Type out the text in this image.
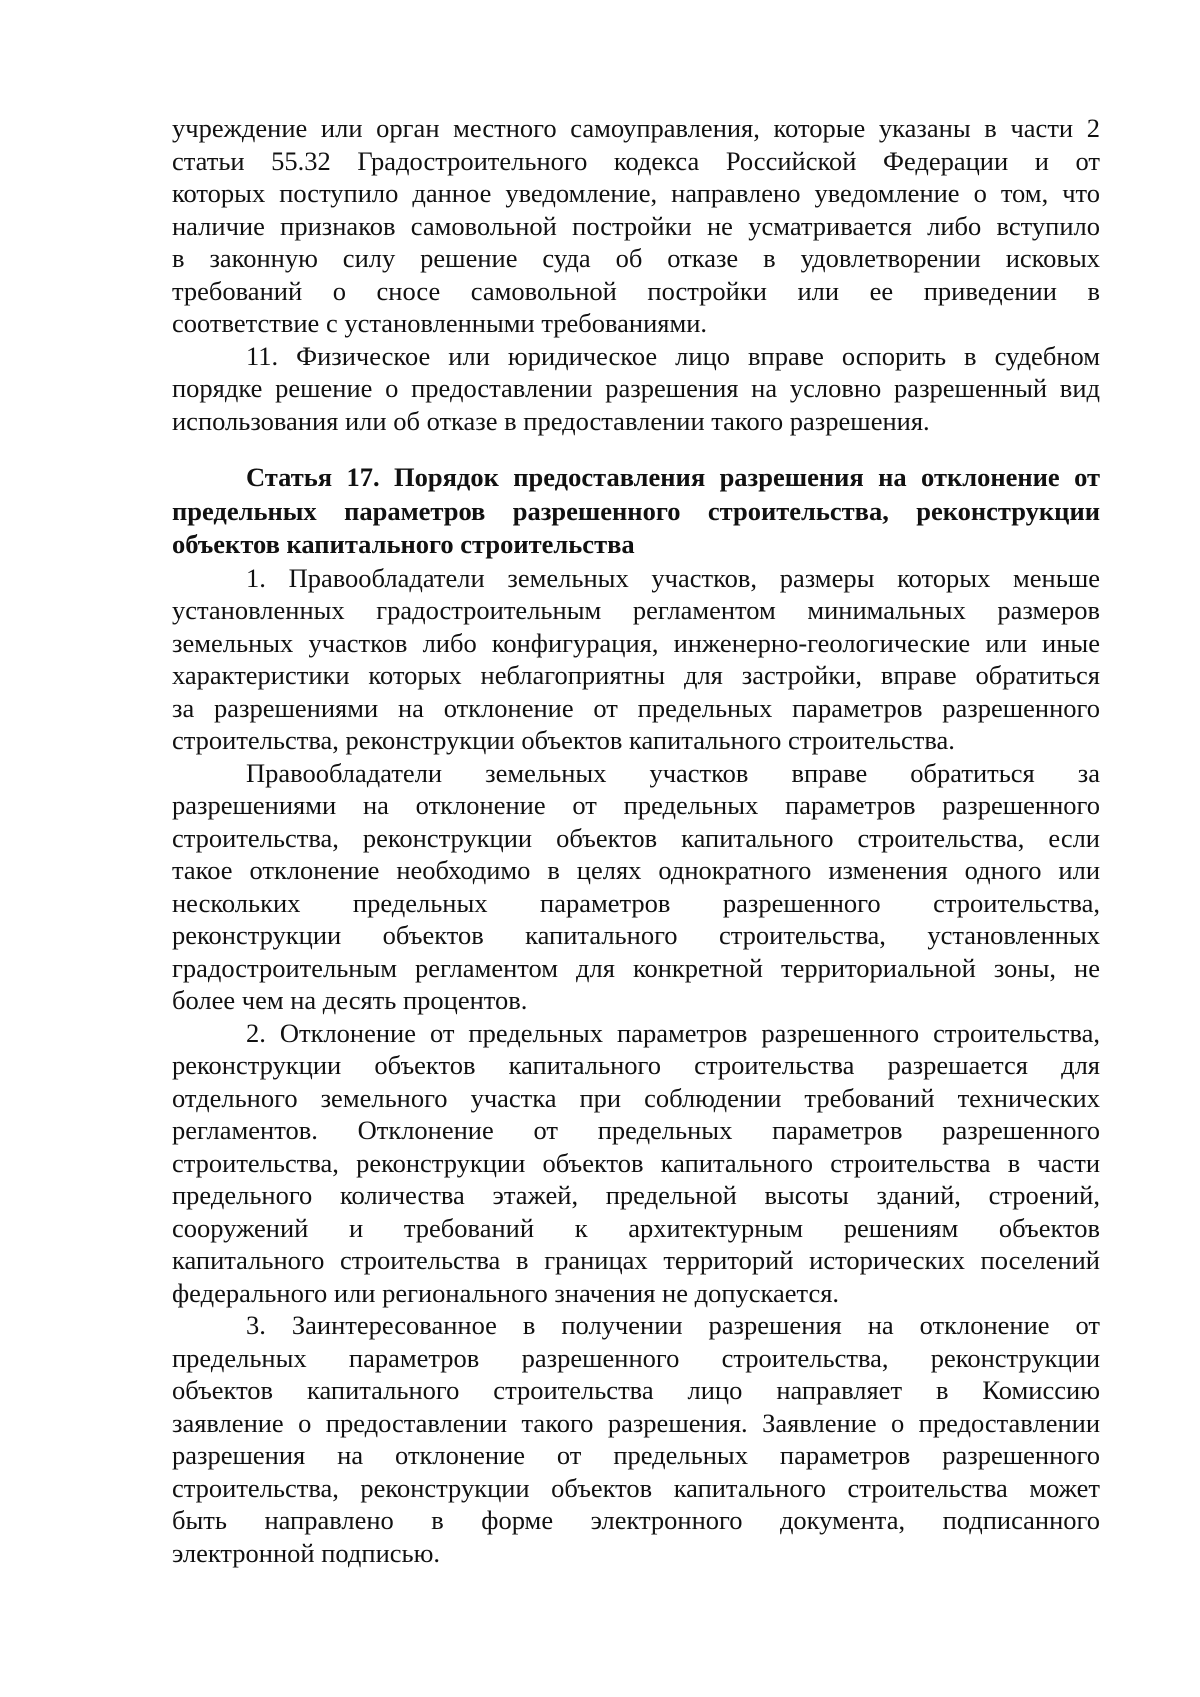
учреждение или орган местного самоуправления, которые указаны в части 2
статьи 55.32 Градостроительного кодекса Российской Федерации и от
которых поступило данное уведомление, направлено уведомление о том, что
наличие признаков самовольной постройки не усматривается либо вступило
в законную силу решение суда об отказе в удовлетворении исковых
требований о сносе самовольной постройки или ее приведении в
соответствие с установленными требованиями.
11. Физическое или юридическое лицо вправе оспорить в судебном
порядке решение о предоставлении разрешения на условно разрешенный вид
использования или об отказе в предоставлении такого разрешения.
Статья 17. Порядок предоставления разрешения на отклонение от
предельных параметров разрешенного строительства, реконструкции
объектов капитального строительства
1. Правообладатели земельных участков, размеры которых меньше
установленных градостроительным регламентом минимальных размеров
земельных участков либо конфигурация, инженерно-геологические или иные
характеристики которых неблагоприятны для застройки, вправе обратиться
за разрешениями на отклонение от предельных параметров разрешенного
строительства, реконструкции объектов капитального строительства.
Правообладатели земельных участков вправе обратиться за
разрешениями на отклонение от предельных параметров разрешенного
строительства, реконструкции объектов капитального строительства, если
такое отклонение необходимо в целях однократного изменения одного или
нескольких предельных параметров разрешенного строительства,
реконструкции объектов капитального строительства, установленных
градостроительным регламентом для конкретной территориальной зоны, не
более чем на десять процентов.
2. Отклонение от предельных параметров разрешенного строительства,
реконструкции объектов капитального строительства разрешается для
отдельного земельного участка при соблюдении требований технических
регламентов. Отклонение от предельных параметров разрешенного
строительства, реконструкции объектов капитального строительства в части
предельного количества этажей, предельной высоты зданий, строений,
сооружений и требований к архитектурным решениям объектов
капитального строительства в границах территорий исторических поселений
федерального или регионального значения не допускается.
3. Заинтересованное в получении разрешения на отклонение от
предельных параметров разрешенного строительства, реконструкции
объектов капитального строительства лицо направляет в Комиссию
заявление о предоставлении такого разрешения. Заявление о предоставлении
разрешения на отклонение от предельных параметров разрешенного
строительства, реконструкции объектов капитального строительства может
быть направлено в форме электронного документа, подписанного
электронной подписью.
